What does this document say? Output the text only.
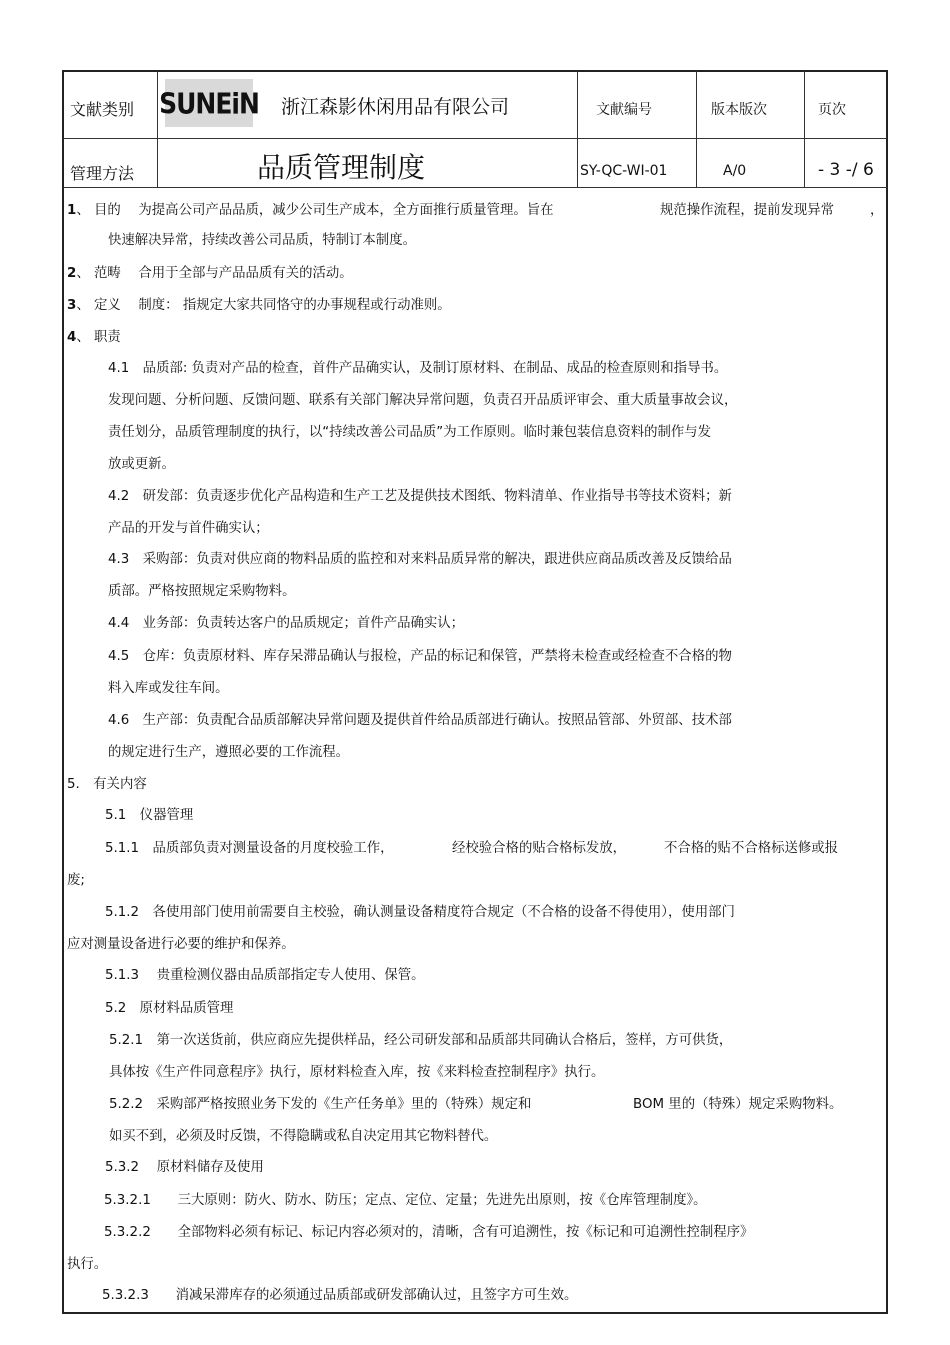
文献类别 SUNEiN 浙江森影休闲用品有限公司	文献编号	版本版次	页次
管理方法	品质管理制度	SY-QC-WI-01	A/0	- 3 -/ 6
1、 目的　 为提高公司产品品质，减少公司生产成本，全方面推行质量管理。旨在	规范操作流程，提前发现异常	，
快速解决异常，持续改善公司品质，特制订本制度。
2、 范畴　 合用于全部与产品品质有关的活动。
3、 定义　 制度： 指规定大家共同恪守的办事规程或行动准则。
4、 职责
4.1　品质部: 负责对产品的检查，首件产品确实认，及制订原材料、在制品、成品的检查原则和指导书。
发现问题、分析问题、反馈问题、联系有关部门解决异常问题，负责召开品质评审会、重大质量事故会议，
责任划分，品质管理制度的执行，以“持续改善公司品质”为工作原则。临时兼包装信息资料的制作与发
放或更新。
4.2　研发部：负责逐步优化产品构造和生产工艺及提供技术图纸、物料清单、作业指导书等技术资料；新
产品的开发与首件确实认；
4.3　采购部：负责对供应商的物料品质的监控和对来料品质异常的解决，跟进供应商品质改善及反馈给品
质部。严格按照规定采购物料。
4.4　业务部：负责转达客户的品质规定；首件产品确实认；
4.5　仓库：负责原材料、库存呆滞品确认与报检，产品的标记和保管，严禁将未检查或经检查不合格的物
料入库或发往车间。
4.6　生产部：负责配合品质部解决异常问题及提供首件给品质部进行确认。按照品管部、外贸部、技术部
的规定进行生产，遵照必要的工作流程。
5.　有关内容
5.1　仪器管理
5.1.1　品质部负责对测量设备的月度校验工作，	经校验合格的贴合格标发放，	不合格的贴不合格标送修或报
废;
5.1.2　各使用部门使用前需要自主校验，确认测量设备精度符合规定（不合格的设备不得使用），使用部门
应对测量设备进行必要的维护和保养。
5.1.3　 贵重检测仪器由品质部指定专人使用、保管。
5.2　原材料品质管理
5.2.1　第一次送货前，供应商应先提供样品，经公司研发部和品质部共同确认合格后，签样，方可供货，
具体按《生产件同意程序》执行，原材料检查入库，按《来料检查控制程序》执行。
5.2.2　采购部严格按照业务下发的《生产任务单》里的（特殊）规定和	BOM 里的（特殊）规定采购物料。
如买不到，必须及时反馈，不得隐瞒或私自决定用其它物料替代。
5.3.2　 原材料储存及使用
5.3.2.1　　三大原则：防火、防水、防压；定点、定位、定量；先进先出原则，按《仓库管理制度》。
5.3.2.2　　全部物料必须有标记、标记内容必须对的，清晰，含有可追溯性，按《标记和可追溯性控制程序》
执行。
5.3.2.3　　消减呆滞库存的必须通过品质部或研发部确认过，且签字方可生效。
